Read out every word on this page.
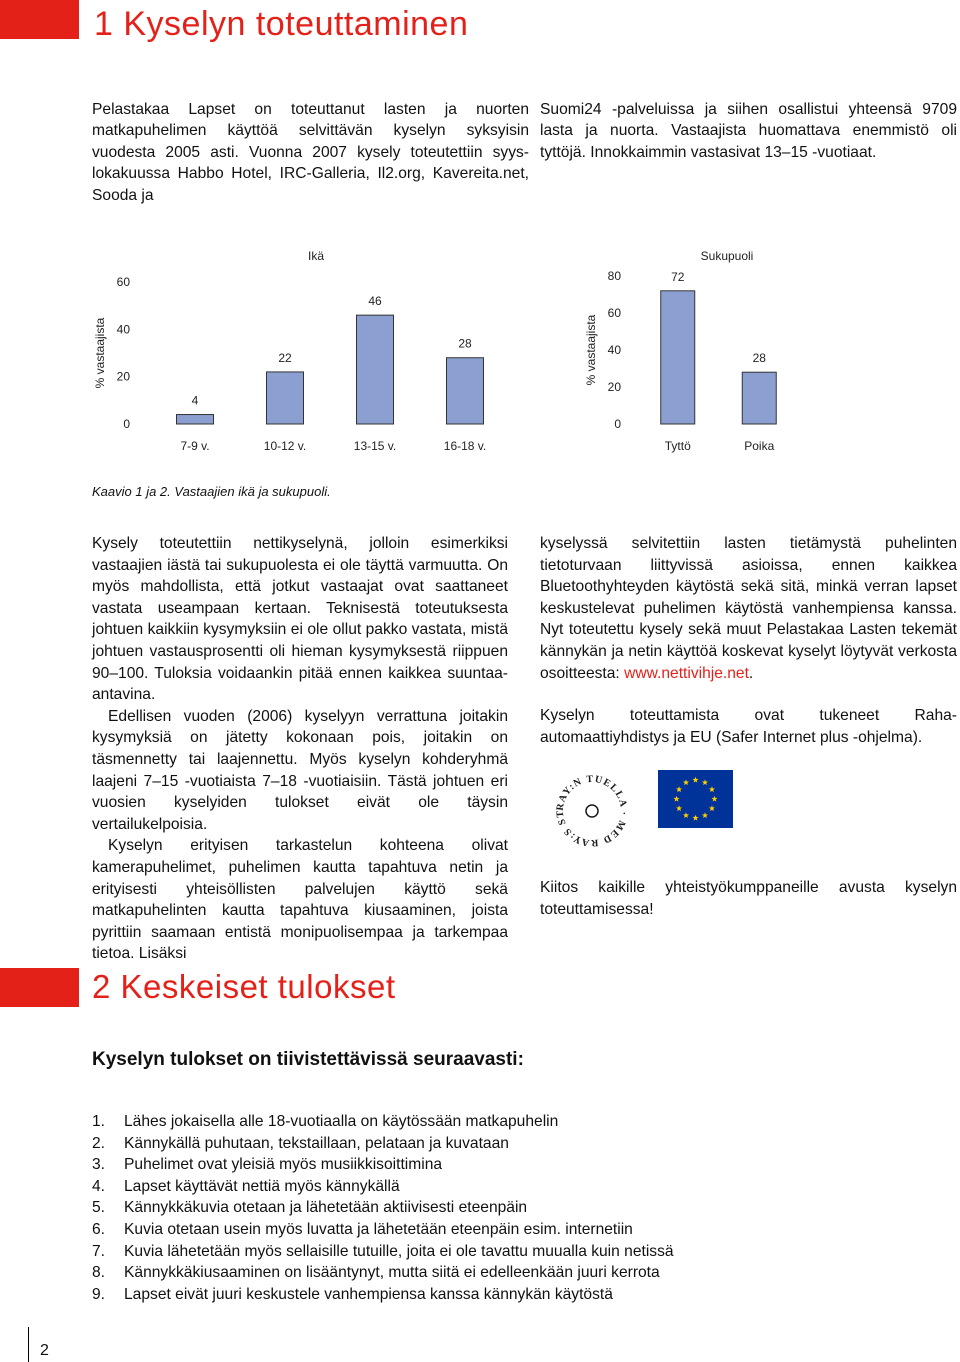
1 Kyselyn toteuttaminen

Pelastakaa Lapset on toteuttanut lasten ja nuorten matkapuhelimen käyttöä selvittävän kyselyn syksyisin vuodesta 2005 asti. Vuonna 2007 kysely toteutettiin syys-lokakuussa Habbo Hotel, IRC-Galleria, Il2.org, Kavereita.net, Sooda ja

Suomi24 -palveluissa ja siihen osallistui yhteensä 9709 lasta ja nuorta. Vastaajista huomattava enemmistö oli tyttöjä. Innokkaimmin vastasivat 13–15 -vuotiaat.

Ikä
% vastaajista
0
20
40
60
4
7-9 v.
22
10-12 v.
46
13-15 v.
28
16-18 v.
Sukupuoli
% vastaajista
0
20
40
60
80	72
Tyttö
28
Poika
Kaavio 1 ja 2. Vastaajien ikä ja sukupuoli.

Kysely toteutettiin nettikyselynä, jolloin esimerkiksi vastaajien iästä tai sukupuolesta ei ole täyttä varmuutta. On myös mahdollista, että jotkut vastaajat ovat saattaneet vastata useampaan kertaan. Teknisestä toteutuksesta johtuen kaikkiin kysymyksiin ei ole ollut pakko vastata, mistä johtuen vastausprosentti oli hieman kysymyksestä riippuen 90–100. Tuloksia voidaankin pitää ennen kaikkea suuntaa-antavina.

Edellisen vuoden (2006) kyselyyn verrattuna joitakin kysymyksiä on jätetty kokonaan pois, joitakin on täsmennetty tai laajennettu. Myös kyselyn kohderyhmä laajeni 7–15 -vuotiaista 7–18 -vuotiaisiin. Tästä johtuen eri vuosien kyselyiden tulokset eivät ole täysin vertailukelpoisia.

Kyselyn erityisen tarkastelun kohteena olivat kamerapuhelimet, puhelimen kautta tapahtuva netin ja erityisesti yhteisöllisten palvelujen käyttö sekä matkapuhelinten kautta tapahtuva kiusaaminen, joista pyrittiin saamaan entistä monipuolisempaa ja tarkempaa tietoa. Lisäksi

kyselyssä selvitettiin lasten tietämystä puhelinten tietoturvaan liittyvissä asioissa, ennen kaikkea Bluetoothyhteyden käytöstä sekä sitä, minkä verran lapset keskustelevat puhelimen käytöstä vanhempiensa kanssa. Nyt toteutettu kysely sekä muut Pelastakaa Lasten tekemät kännykän ja netin käyttöä koskevat kyselyt löytyvät verkosta osoitteesta: www.nettivihje.net.

Kyselyn toteuttamista ovat tukeneet Raha-automaattiyhdistys ja EU (Safer Internet plus -ohjelma).

RAY:N TUELLA · MED RAY:S ST

Kiitos kaikille yhteistyökumppaneille avusta kyselyn toteuttamisessa!

2 Keskeiset tulokset
Kyselyn tulokset on tiivistettävissä seuraavasti:
1.	Lähes jokaisella alle 18-vuotiaalla on käytössään matkapuhelin
2.	Kännykällä puhutaan, tekstaillaan, pelataan ja kuvataan
3.	Puhelimet ovat yleisiä myös musiikkisoittimina
4.	Lapset käyttävät nettiä myös kännykällä
5.	Kännykkäkuvia otetaan ja lähetetään aktiivisesti eteenpäin
6.	Kuvia otetaan usein myös luvatta ja lähetetään eteenpäin esim. internetiin
7.	Kuvia lähetetään myös sellaisille tutuille, joita ei ole tavattu muualla kuin netissä
8.	Kännykkäkiusaaminen on lisääntynyt, mutta siitä ei edelleenkään juuri kerrota
9.	Lapset eivät juuri keskustele vanhempiensa kanssa kännykän käytöstä
2
